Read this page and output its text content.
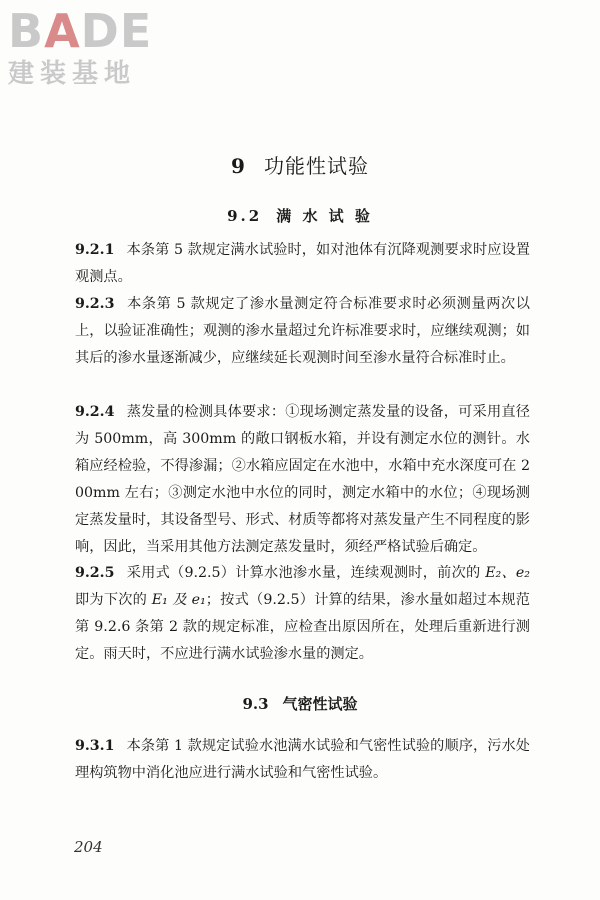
BADE
建装基地
9 功能性试验
9.2 满 水 试 验
9.2.1 本条第 5 款规定满水试验时，如对池体有沉降观测要求时应设置观测点。
9.2.3 本条第 5 款规定了渗水量测定符合标准要求时必须测量两次以上，以验证准确性；观测的渗水量超过允许标准要求时，应继续观测；如其后的渗水量逐渐减少，应继续延长观测时间至渗水量符合标准时止。
9.2.4 蒸发量的检测具体要求：①现场测定蒸发量的设备，可采用直径为 500mm，高 300mm 的敞口钢板水箱，并设有测定水位的测针。水箱应经检验，不得渗漏；②水箱应固定在水池中，水箱中充水深度可在 200mm 左右；③测定水池中水位的同时，测定水箱中的水位；④现场测定蒸发量时，其设备型号、形式、材质等都将对蒸发量产生不同程度的影响，因此，当采用其他方法测定蒸发量时，须经严格试验后确定。
9.2.5 采用式（9.2.5）计算水池渗水量，连续观测时，前次的 E₂、e₂ 即为下次的 E₁ 及 e₁；按式（9.2.5）计算的结果，渗水量如超过本规范第 9.2.6 条第 2 款的规定标准，应检查出原因所在，处理后重新进行测定。雨天时，不应进行满水试验渗水量的测定。
9.3 气密性试验
9.3.1 本条第 1 款规定试验水池满水试验和气密性试验的顺序，污水处理构筑物中消化池应进行满水试验和气密性试验。
204
